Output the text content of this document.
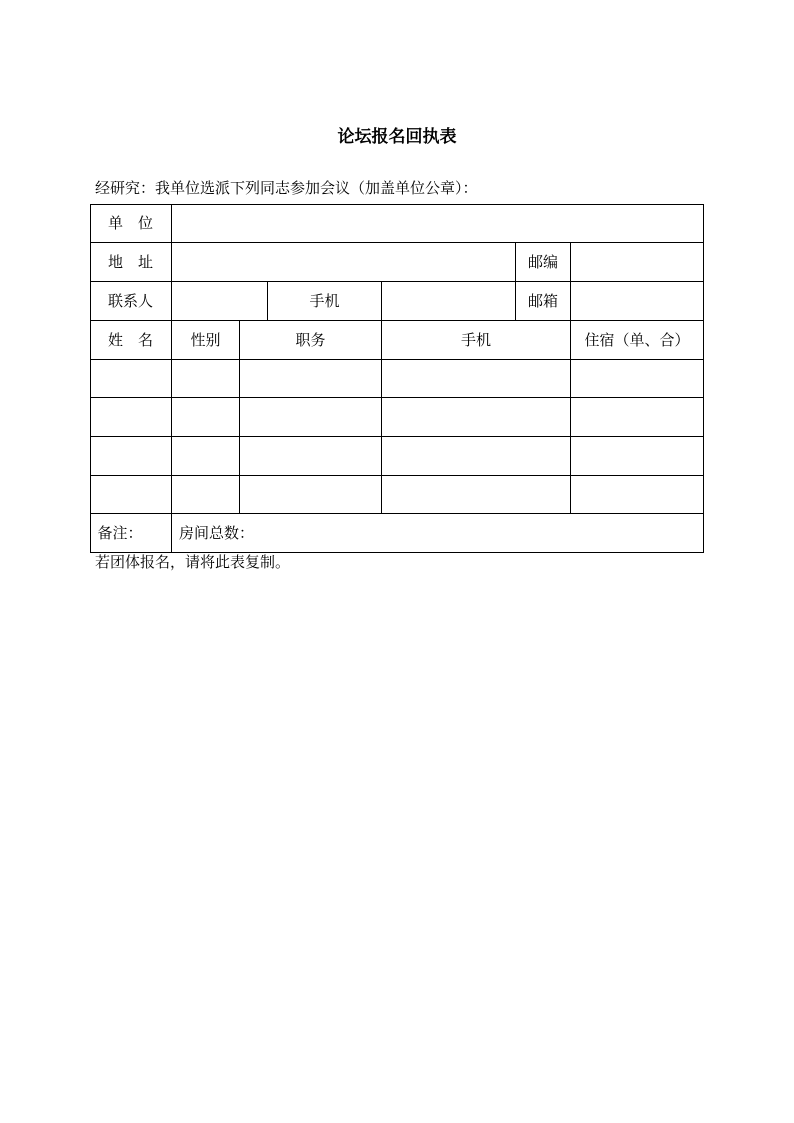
论坛报名回执表
经研究：我单位选派下列同志参加会议（加盖单位公章）：
单　位
地　址	邮编
联系人	手机	邮箱
姓　名	性别	职务	手机	住宿（单、合）
备注：	房间总数：
若团体报名，请将此表复制。
